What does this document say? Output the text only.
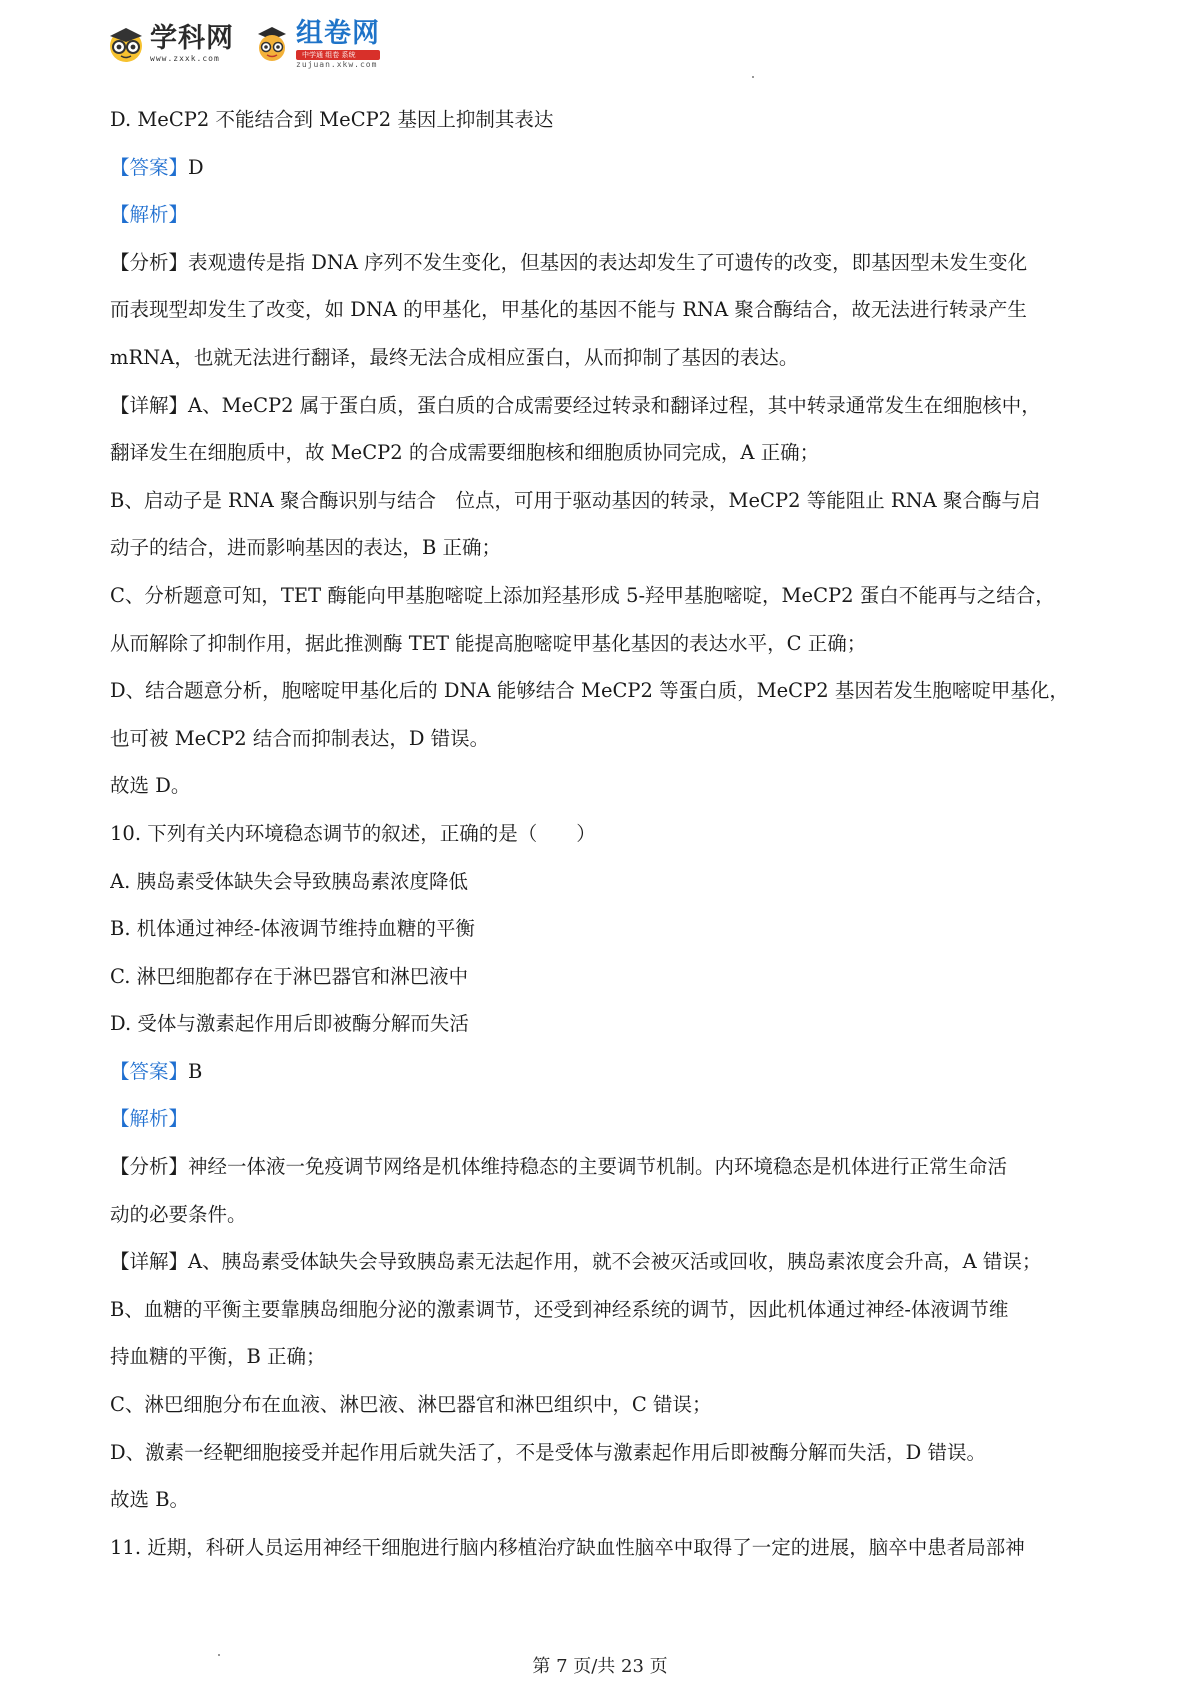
学科网
www.zxxk.com
组卷网
中学通 组卷 系统
zujuan.xkw.com
D. MeCP2 不能结合到 MeCP2 基因上抑制其表达
【答案】D
【解析】
【分析】表观遗传是指 DNA 序列不发生变化，但基因的表达却发生了可遗传的改变，即基因型未发生变化
而表现型却发生了改变，如 DNA 的甲基化，甲基化的基因不能与 RNA 聚合酶结合，故无法进行转录产生
mRNA，也就无法进行翻译，最终无法合成相应蛋白，从而抑制了基因的表达。
【详解】A、MeCP2 属于蛋白质，蛋白质的合成需要经过转录和翻译过程，其中转录通常发生在细胞核中，
翻译发生在细胞质中，故 MeCP2 的合成需要细胞核和细胞质协同完成，A 正确；
B、启动子是 RNA 聚合酶识别与结合　位点，可用于驱动基因的转录，MeCP2 等能阻止 RNA 聚合酶与启
动子的结合，进而影响基因的表达，B 正确；
C、分析题意可知，TET 酶能向甲基胞嘧啶上添加羟基形成 5-羟甲基胞嘧啶，MeCP2 蛋白不能再与之结合，
从而解除了抑制作用，据此推测酶 TET 能提高胞嘧啶甲基化基因的表达水平，C 正确；
D、结合题意分析，胞嘧啶甲基化后的 DNA 能够结合 MeCP2 等蛋白质，MeCP2 基因若发生胞嘧啶甲基化，
也可被 MeCP2 结合而抑制表达，D 错误。
故选 D。
10. 下列有关内环境稳态调节的叙述，正确的是（　　）
A. 胰岛素受体缺失会导致胰岛素浓度降低
B. 机体通过神经-体液调节维持血糖的平衡
C. 淋巴细胞都存在于淋巴器官和淋巴液中
D. 受体与激素起作用后即被酶分解而失活
【答案】B
【解析】
【分析】神经一体液一免疫调节网络是机体维持稳态的主要调节机制。内环境稳态是机体进行正常生命活
动的必要条件。
【详解】A、胰岛素受体缺失会导致胰岛素无法起作用，就不会被灭活或回收，胰岛素浓度会升高，A 错误；
B、血糖的平衡主要靠胰岛细胞分泌的激素调节，还受到神经系统的调节，因此机体通过神经-体液调节维
持血糖的平衡，B 正确；
C、淋巴细胞分布在血液、淋巴液、淋巴器官和淋巴组织中，C 错误；
D、激素一经靶细胞接受并起作用后就失活了，不是受体与激素起作用后即被酶分解而失活，D 错误。
故选 B。
11. 近期，科研人员运用神经干细胞进行脑内移植治疗缺血性脑卒中取得了一定的进展，脑卒中患者局部神
第 7 页/共 23 页
